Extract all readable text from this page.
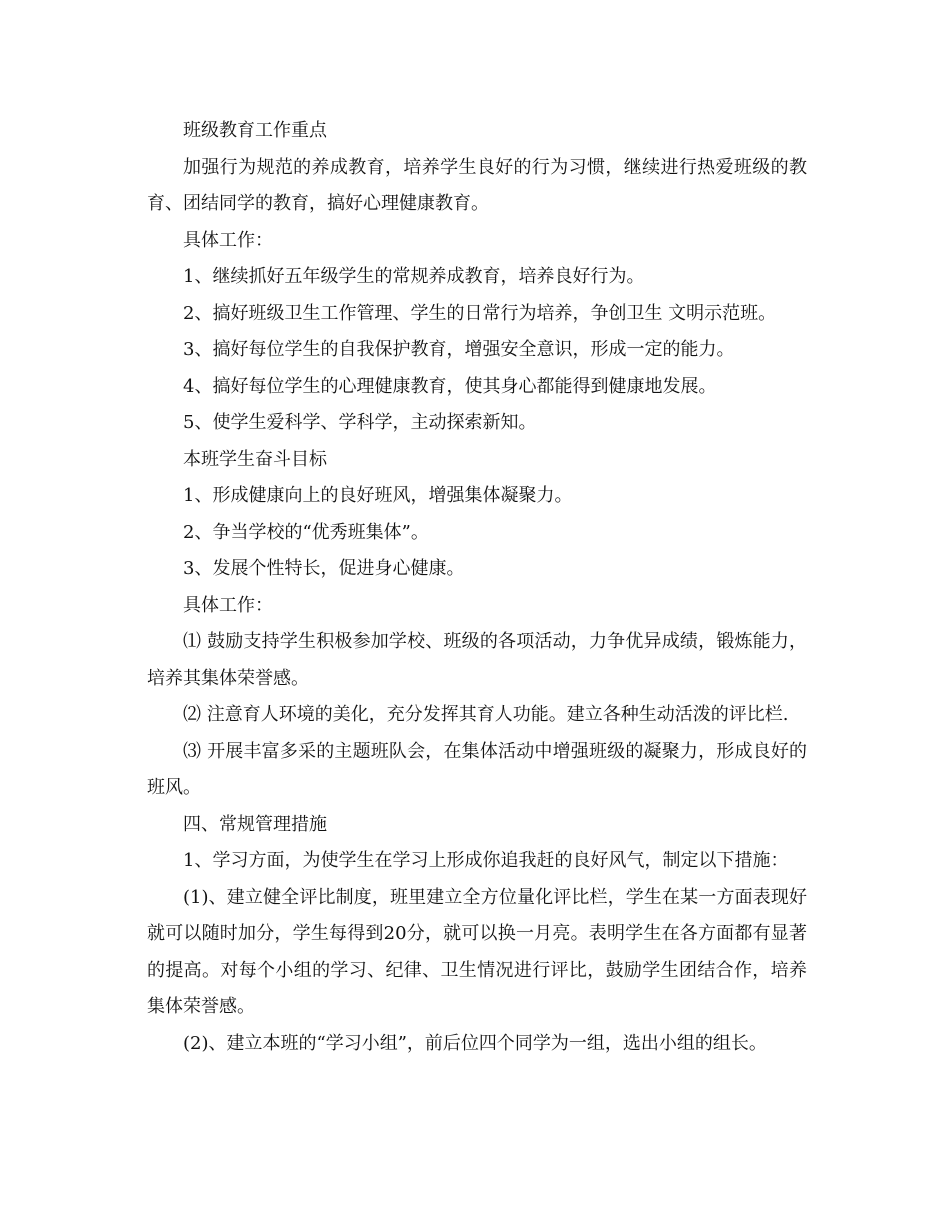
班级教育工作重点

加强行为规范的养成教育，培养学生良好的行为习惯，继续进行热爱班级的教育、团结同学的教育，搞好心理健康教育。

具体工作：

1、继续抓好五年级学生的常规养成教育，培养良好行为。

2、搞好班级卫生工作管理、学生的日常行为培养，争创卫生 文明示范班。

3、搞好每位学生的自我保护教育，增强安全意识，形成一定的能力。

4、搞好每位学生的心理健康教育，使其身心都能得到健康地发展。

5、使学生爱科学、学科学，主动探索新知。

本班学生奋斗目标

1、形成健康向上的良好班风，增强集体凝聚力。

2、争当学校的“优秀班集体”。

3、发展个性特长，促进身心健康。

具体工作：

⑴ 鼓励支持学生积极参加学校、班级的各项活动，力争优异成绩，锻炼能力，培养其集体荣誉感。

⑵ 注意育人环境的美化，充分发挥其育人功能。建立各种生动活泼的评比栏.

⑶ 开展丰富多采的主题班队会，在集体活动中增强班级的凝聚力，形成良好的班风。

四、常规管理措施

1、学习方面，为使学生在学习上形成你追我赶的良好风气，制定以下措施：

(1)、建立健全评比制度，班里建立全方位量化评比栏，学生在某一方面表现好就可以随时加分，学生每得到20分，就可以换一月亮。表明学生在各方面都有显著的提高。对每个小组的学习、纪律、卫生情况进行评比，鼓励学生团结合作，培养集体荣誉感。

(2)、建立本班的“学习小组”，前后位四个同学为一组，选出小组的组长。
